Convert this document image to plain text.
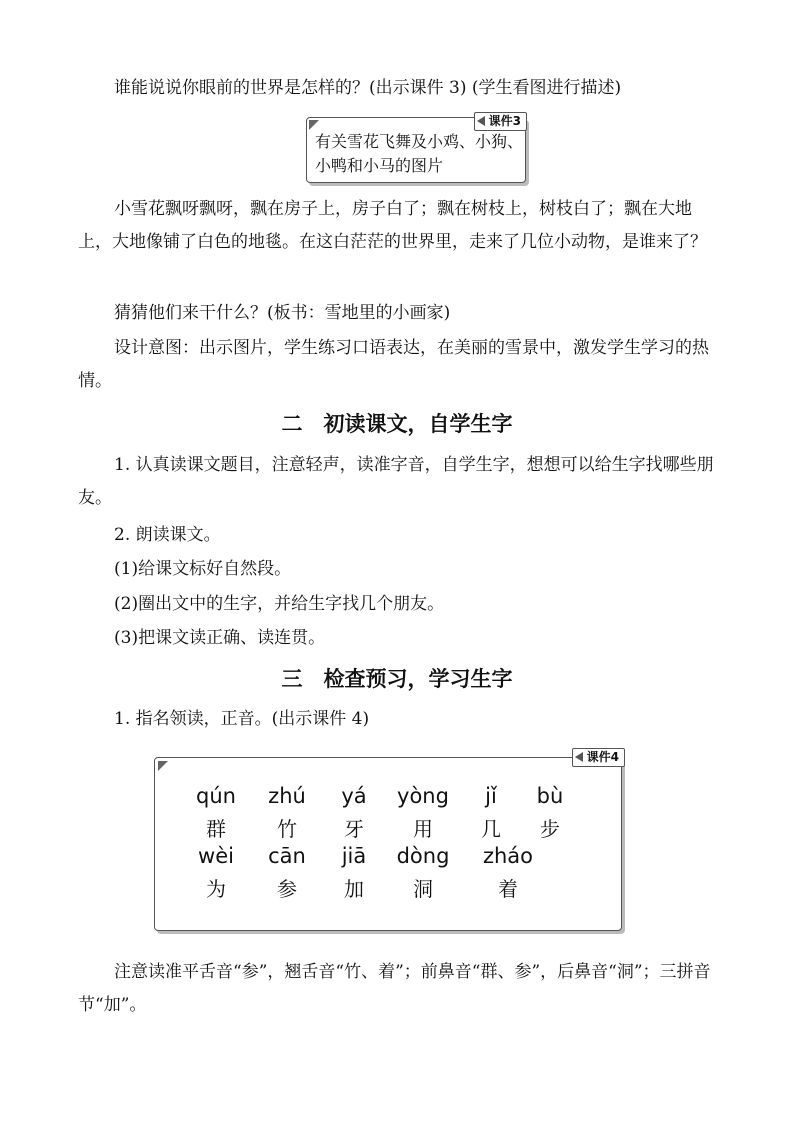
谁能说说你眼前的世界是怎样的？(出示课件 3) (学生看图进行描述)

课件3
有关雪花飞舞及小鸡、小狗、小鸭和小马的图片

小雪花飘呀飘呀，飘在房子上，房子白了；飘在树枝上，树枝白了；飘在大地上，大地像铺了白色的地毯。在这白茫茫的世界里，走来了几位小动物，是谁来了？

猜猜他们来干什么？(板书：雪地里的小画家)

设计意图：出示图片，学生练习口语表达，在美丽的雪景中，激发学生学习的热情。

二　初读课文，自学生字

1. 认真读课文题目，注意轻声，读准字音，自学生字，想想可以给生字找哪些朋友。

2. 朗读课文。

(1)给课文标好自然段。

(2)圈出文中的生字，并给生字找几个朋友。

(3)把课文读正确、读连贯。

三　检查预习，学习生字

1. 指名领读，正音。(出示课件 4)

课件4
qún	zhú	yá	yòng	jǐ	bù
群	竹	牙	用	几	步
wèi	cān	jiā	dòng	zháo
为	参	加	洞	着

注意读准平舌音“参”，翘舌音“竹、着”；前鼻音“群、参”，后鼻音“洞”；三拼音节“加”。
